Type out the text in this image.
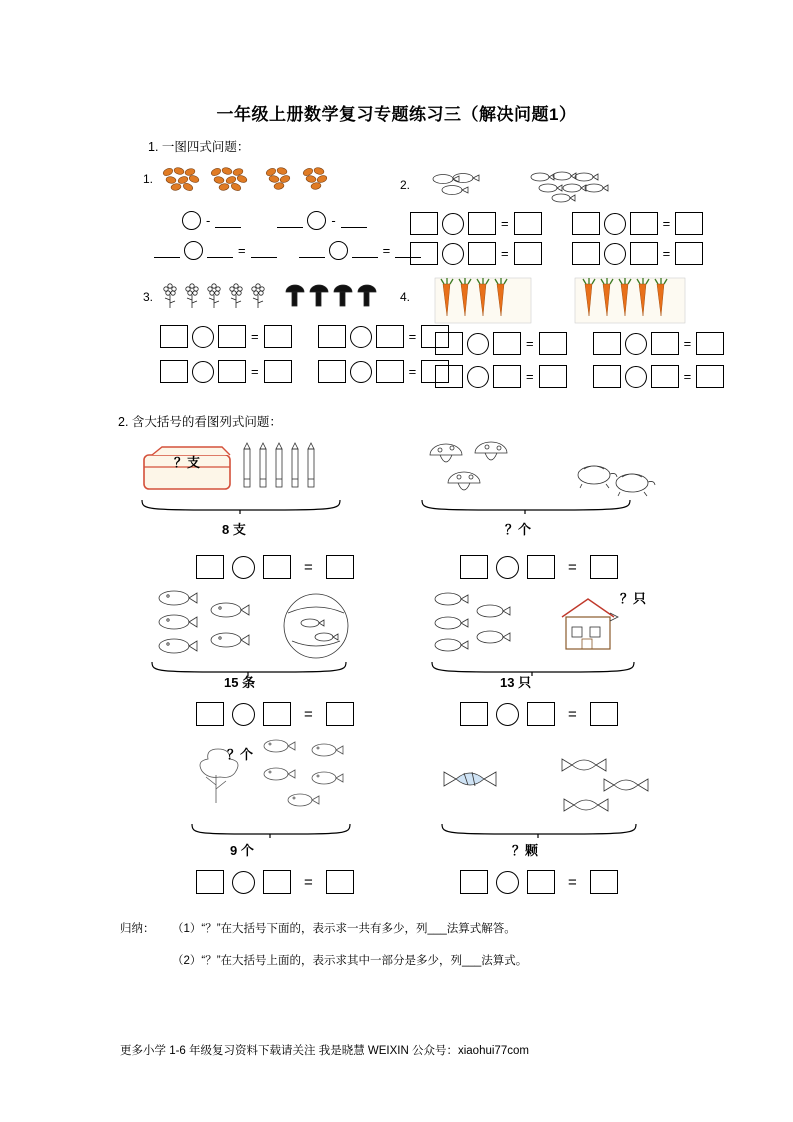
一年级上册数学复习专题练习三（解决问题1）
1. 一图四式问题：
1.
-	-
=	=
2.
=	=
=	=
3.
=	=
=	=
4.
=	=
=	=
2. 含大括号的看图列式问题：
？支
8 支
=
？个
=
15 条
=
？只
13 只
=
？个
9 个
=
？颗
=
归纳： （1）“？”在大括号下面的，表示求一共有多少，列___法算式解答。
（2）“？”在大括号上面的，表示求其中一部分是多少，列___法算式。
更多小学 1-6 年级复习资料下载请关注 我是晓慧 WEIXIN 公众号：xiaohui77com
